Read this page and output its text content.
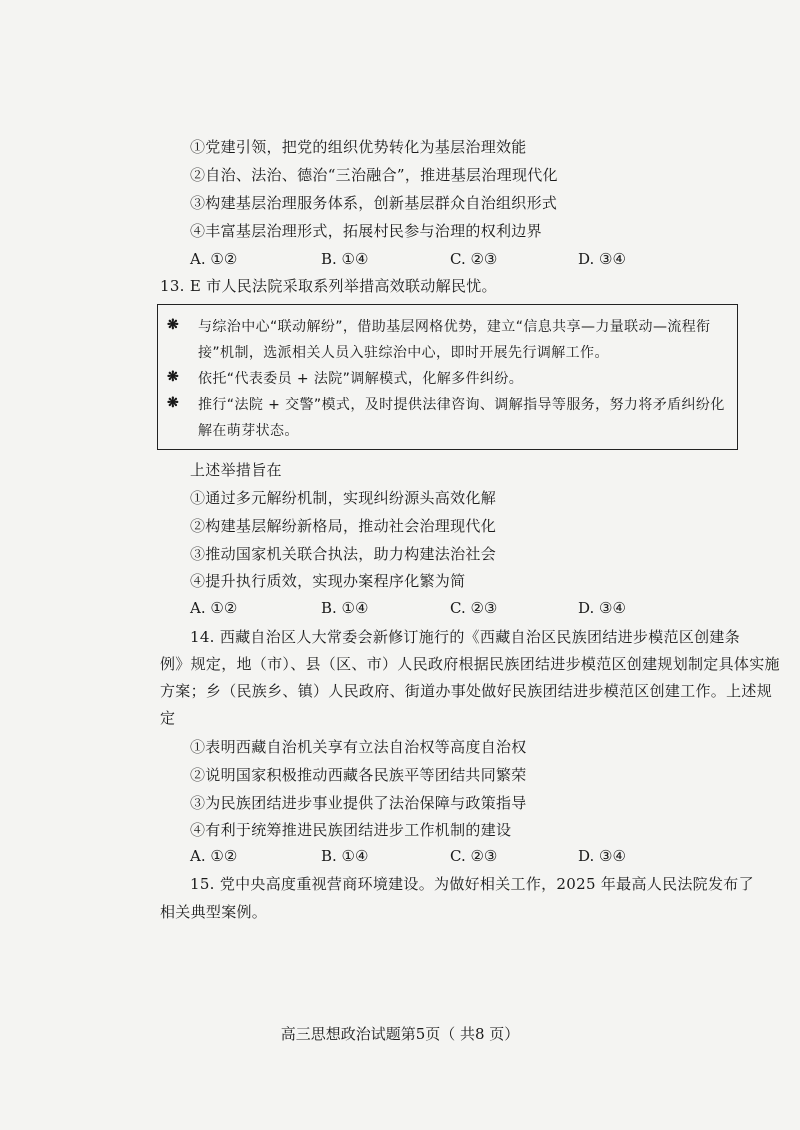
①党建引领，把党的组织优势转化为基层治理效能
②自治、法治、德治“三治融合”，推进基层治理现代化
③构建基层治理服务体系，创新基层群众自治组织形式
④丰富基层治理形式，拓展村民参与治理的权利边界
A. ①②	B. ①④	C. ②③	D. ③④
13. E 市人民法院采取系列举措高效联动解民忧。
❋ 与综治中心“联动解纷”，借助基层网格优势，建立“信息共享—力量联动—流程衔
接”机制，选派相关人员入驻综治中心，即时开展先行调解工作。
❋ 依托“代表委员 + 法院”调解模式，化解多件纠纷。
❋ 推行“法院 + 交警”模式，及时提供法律咨询、调解指导等服务，努力将矛盾纠纷化
解在萌芽状态。
上述举措旨在
①通过多元解纷机制，实现纠纷源头高效化解
②构建基层解纷新格局，推动社会治理现代化
③推动国家机关联合执法，助力构建法治社会
④提升执行质效，实现办案程序化繁为简
A. ①②	B. ①④	C. ②③	D. ③④
14. 西藏自治区人大常委会新修订施行的《西藏自治区民族团结进步模范区创建条
例》规定，地（市）、县（区、市）人民政府根据民族团结进步模范区创建规划制定具体实施
方案；乡（民族乡、镇）人民政府、街道办事处做好民族团结进步模范区创建工作。上述规
定
①表明西藏自治机关享有立法自治权等高度自治权
②说明国家积极推动西藏各民族平等团结共同繁荣
③为民族团结进步事业提供了法治保障与政策指导
④有利于统筹推进民族团结进步工作机制的建设
A. ①②	B. ①④	C. ②③	D. ③④
15. 党中央高度重视营商环境建设。为做好相关工作，2025 年最高人民法院发布了
相关典型案例。
高三思想政治试题第5页（ 共8 页）
